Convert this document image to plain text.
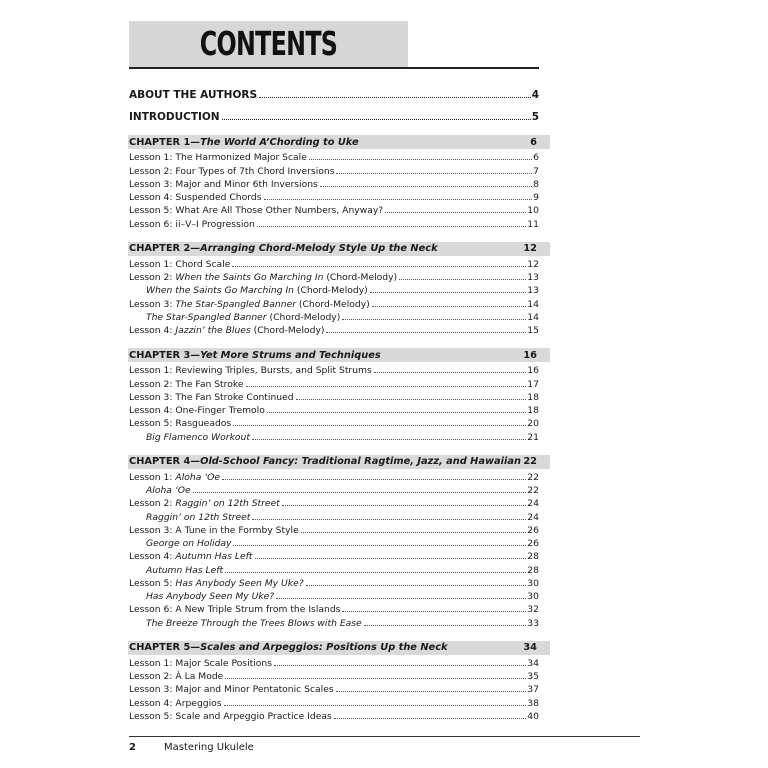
CONTENTS
ABOUT THE AUTHORS	4
INTRODUCTION	5
CHAPTER 1—The World A’Chording to Uke	6
Lesson 1: The Harmonized Major Scale	6
Lesson 2: Four Types of 7th Chord Inversions	7
Lesson 3: Major and Minor 6th Inversions	8
Lesson 4: Suspended Chords	9
Lesson 5: What Are All Those Other Numbers, Anyway?	10
Lesson 6: ii–V–I Progression	11
CHAPTER 2—Arranging Chord-Melody Style Up the Neck	12
Lesson 1: Chord Scale	12
Lesson 2: When the Saints Go Marching In (Chord-Melody)	13
When the Saints Go Marching In (Chord-Melody)	13
Lesson 3: The Star-Spangled Banner (Chord-Melody)	14
The Star-Spangled Banner (Chord-Melody)	14
Lesson 4: Jazzin’ the Blues (Chord-Melody)	15
CHAPTER 3—Yet More Strums and Techniques	16
Lesson 1: Reviewing Triples, Bursts, and Split Strums	16
Lesson 2: The Fan Stroke	17
Lesson 3: The Fan Stroke Continued	18
Lesson 4: One-Finger Tremolo	18
Lesson 5: Rasgueados	20
Big Flamenco Workout	21
CHAPTER 4—Old-School Fancy: Traditional Ragtime, Jazz, and Hawaiian 22
Lesson 1: Aloha ‘Oe	22
Aloha ‘Oe	22
Lesson 2: Raggin’ on 12th Street	24
Raggin’ on 12th Street	24
Lesson 3: A Tune in the Formby Style	26
George on Holiday	26
Lesson 4: Autumn Has Left	28
Autumn Has Left	28
Lesson 5: Has Anybody Seen My Uke?	30
Has Anybody Seen My Uke?	30
Lesson 6: A New Triple Strum from the Islands	32
The Breeze Through the Trees Blows with Ease	33
CHAPTER 5—Scales and Arpeggios: Positions Up the Neck	34
Lesson 1: Major Scale Positions	34
Lesson 2: À La Mode	35
Lesson 3: Major and Minor Pentatonic Scales	37
Lesson 4: Arpeggios	38
Lesson 5: Scale and Arpeggio Practice Ideas	40
2	Mastering Ukulele
